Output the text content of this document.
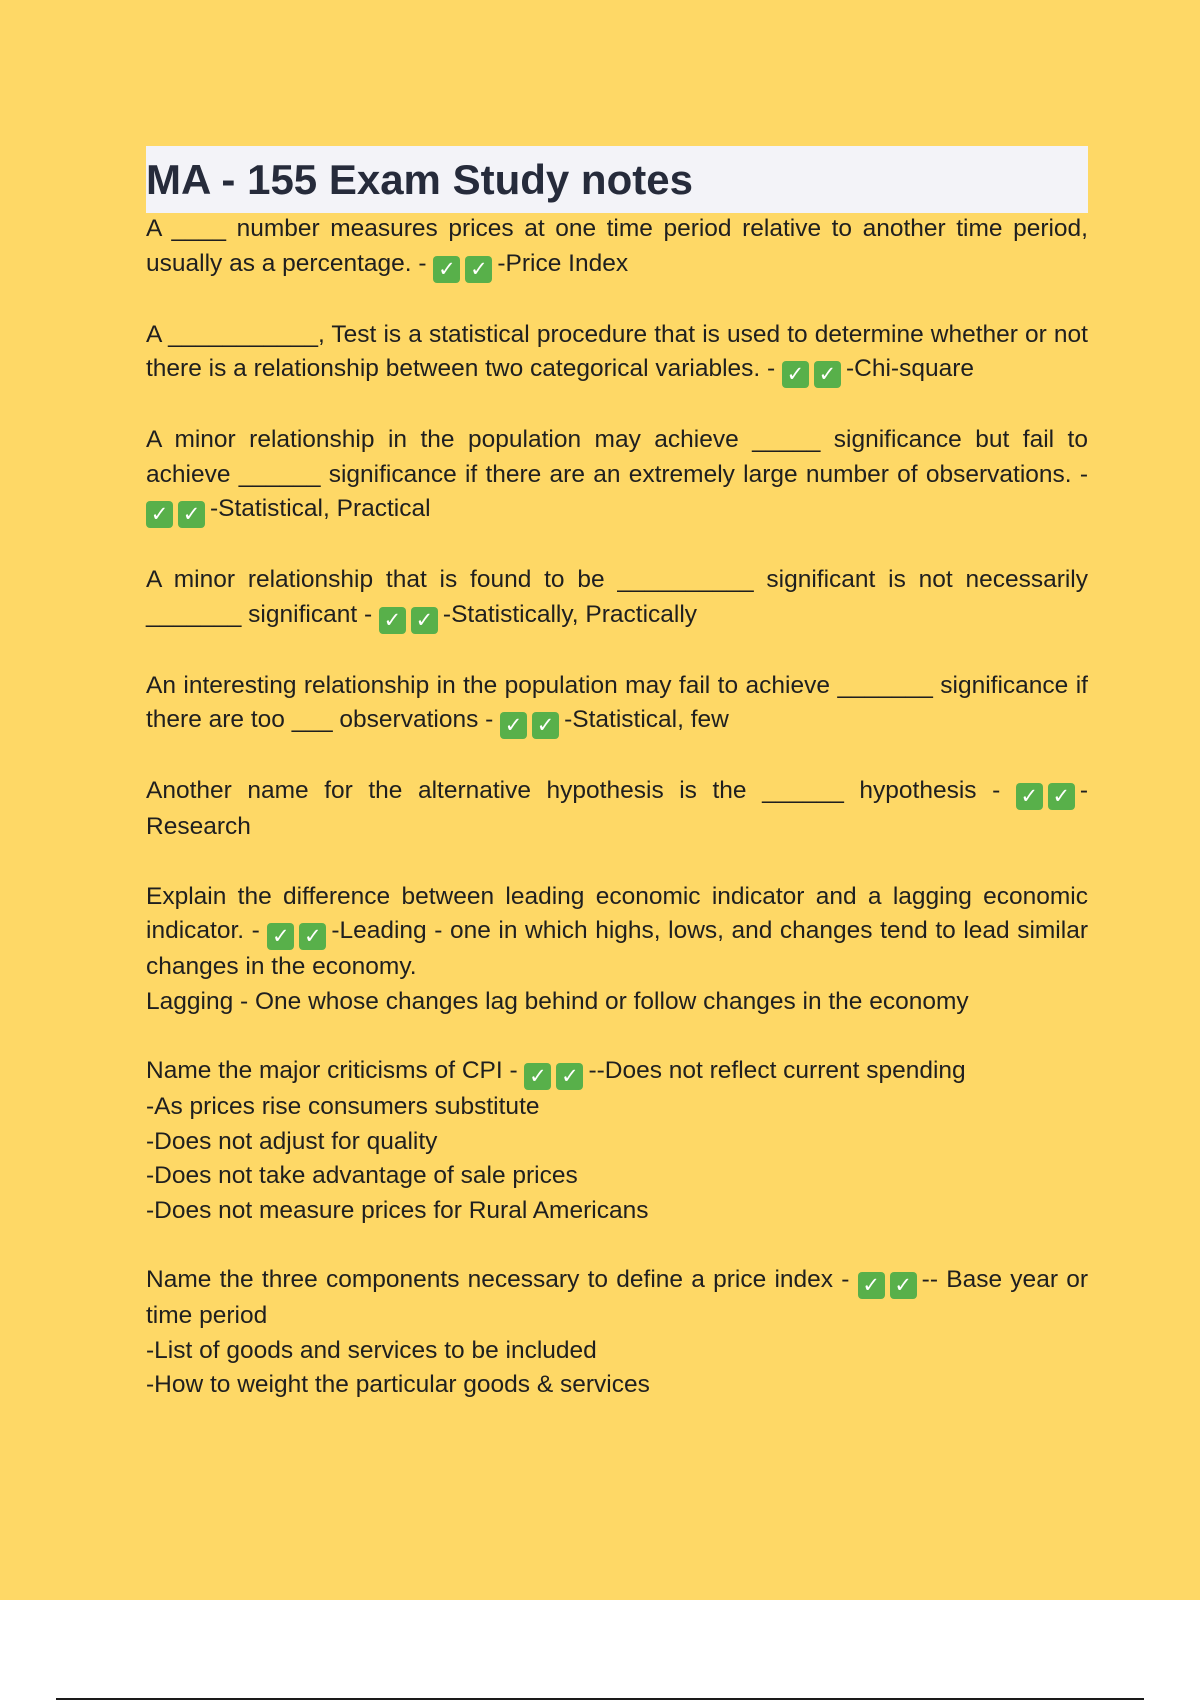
MA - 155 Exam Study notes

A ____ number measures prices at one time period relative to another time period, usually as a percentage. - ✓ ✓ -Price Index

A ___________, Test is a statistical procedure that is used to determine whether or not there is a relationship between two categorical variables. - ✓ ✓ -Chi-square

A minor relationship in the population may achieve _____ significance but fail to achieve ______ significance if there are an extremely large number of observations. - ✓ ✓ -Statistical, Practical

A minor relationship that is found to be __________ significant is not necessarily _______ significant - ✓ ✓ -Statistically, Practically

An interesting relationship in the population may fail to achieve _______ significance if there are too ___ observations - ✓ ✓ -Statistical, few

Another name for the alternative hypothesis is the ______ hypothesis - ✓ ✓ -Research

Explain the difference between leading economic indicator and a lagging economic indicator. - ✓ ✓ -Leading - one in which highs, lows, and changes tend to lead similar changes in the economy.

Lagging - One whose changes lag behind or follow changes in the economy

Name the major criticisms of CPI - ✓ ✓ --Does not reflect current spending

-As prices rise consumers substitute

-Does not adjust for quality

-Does not take advantage of sale prices

-Does not measure prices for Rural Americans

Name the three components necessary to define a price index - ✓ ✓ -- Base year or time period

-List of goods and services to be included

-How to weight the particular goods & services
